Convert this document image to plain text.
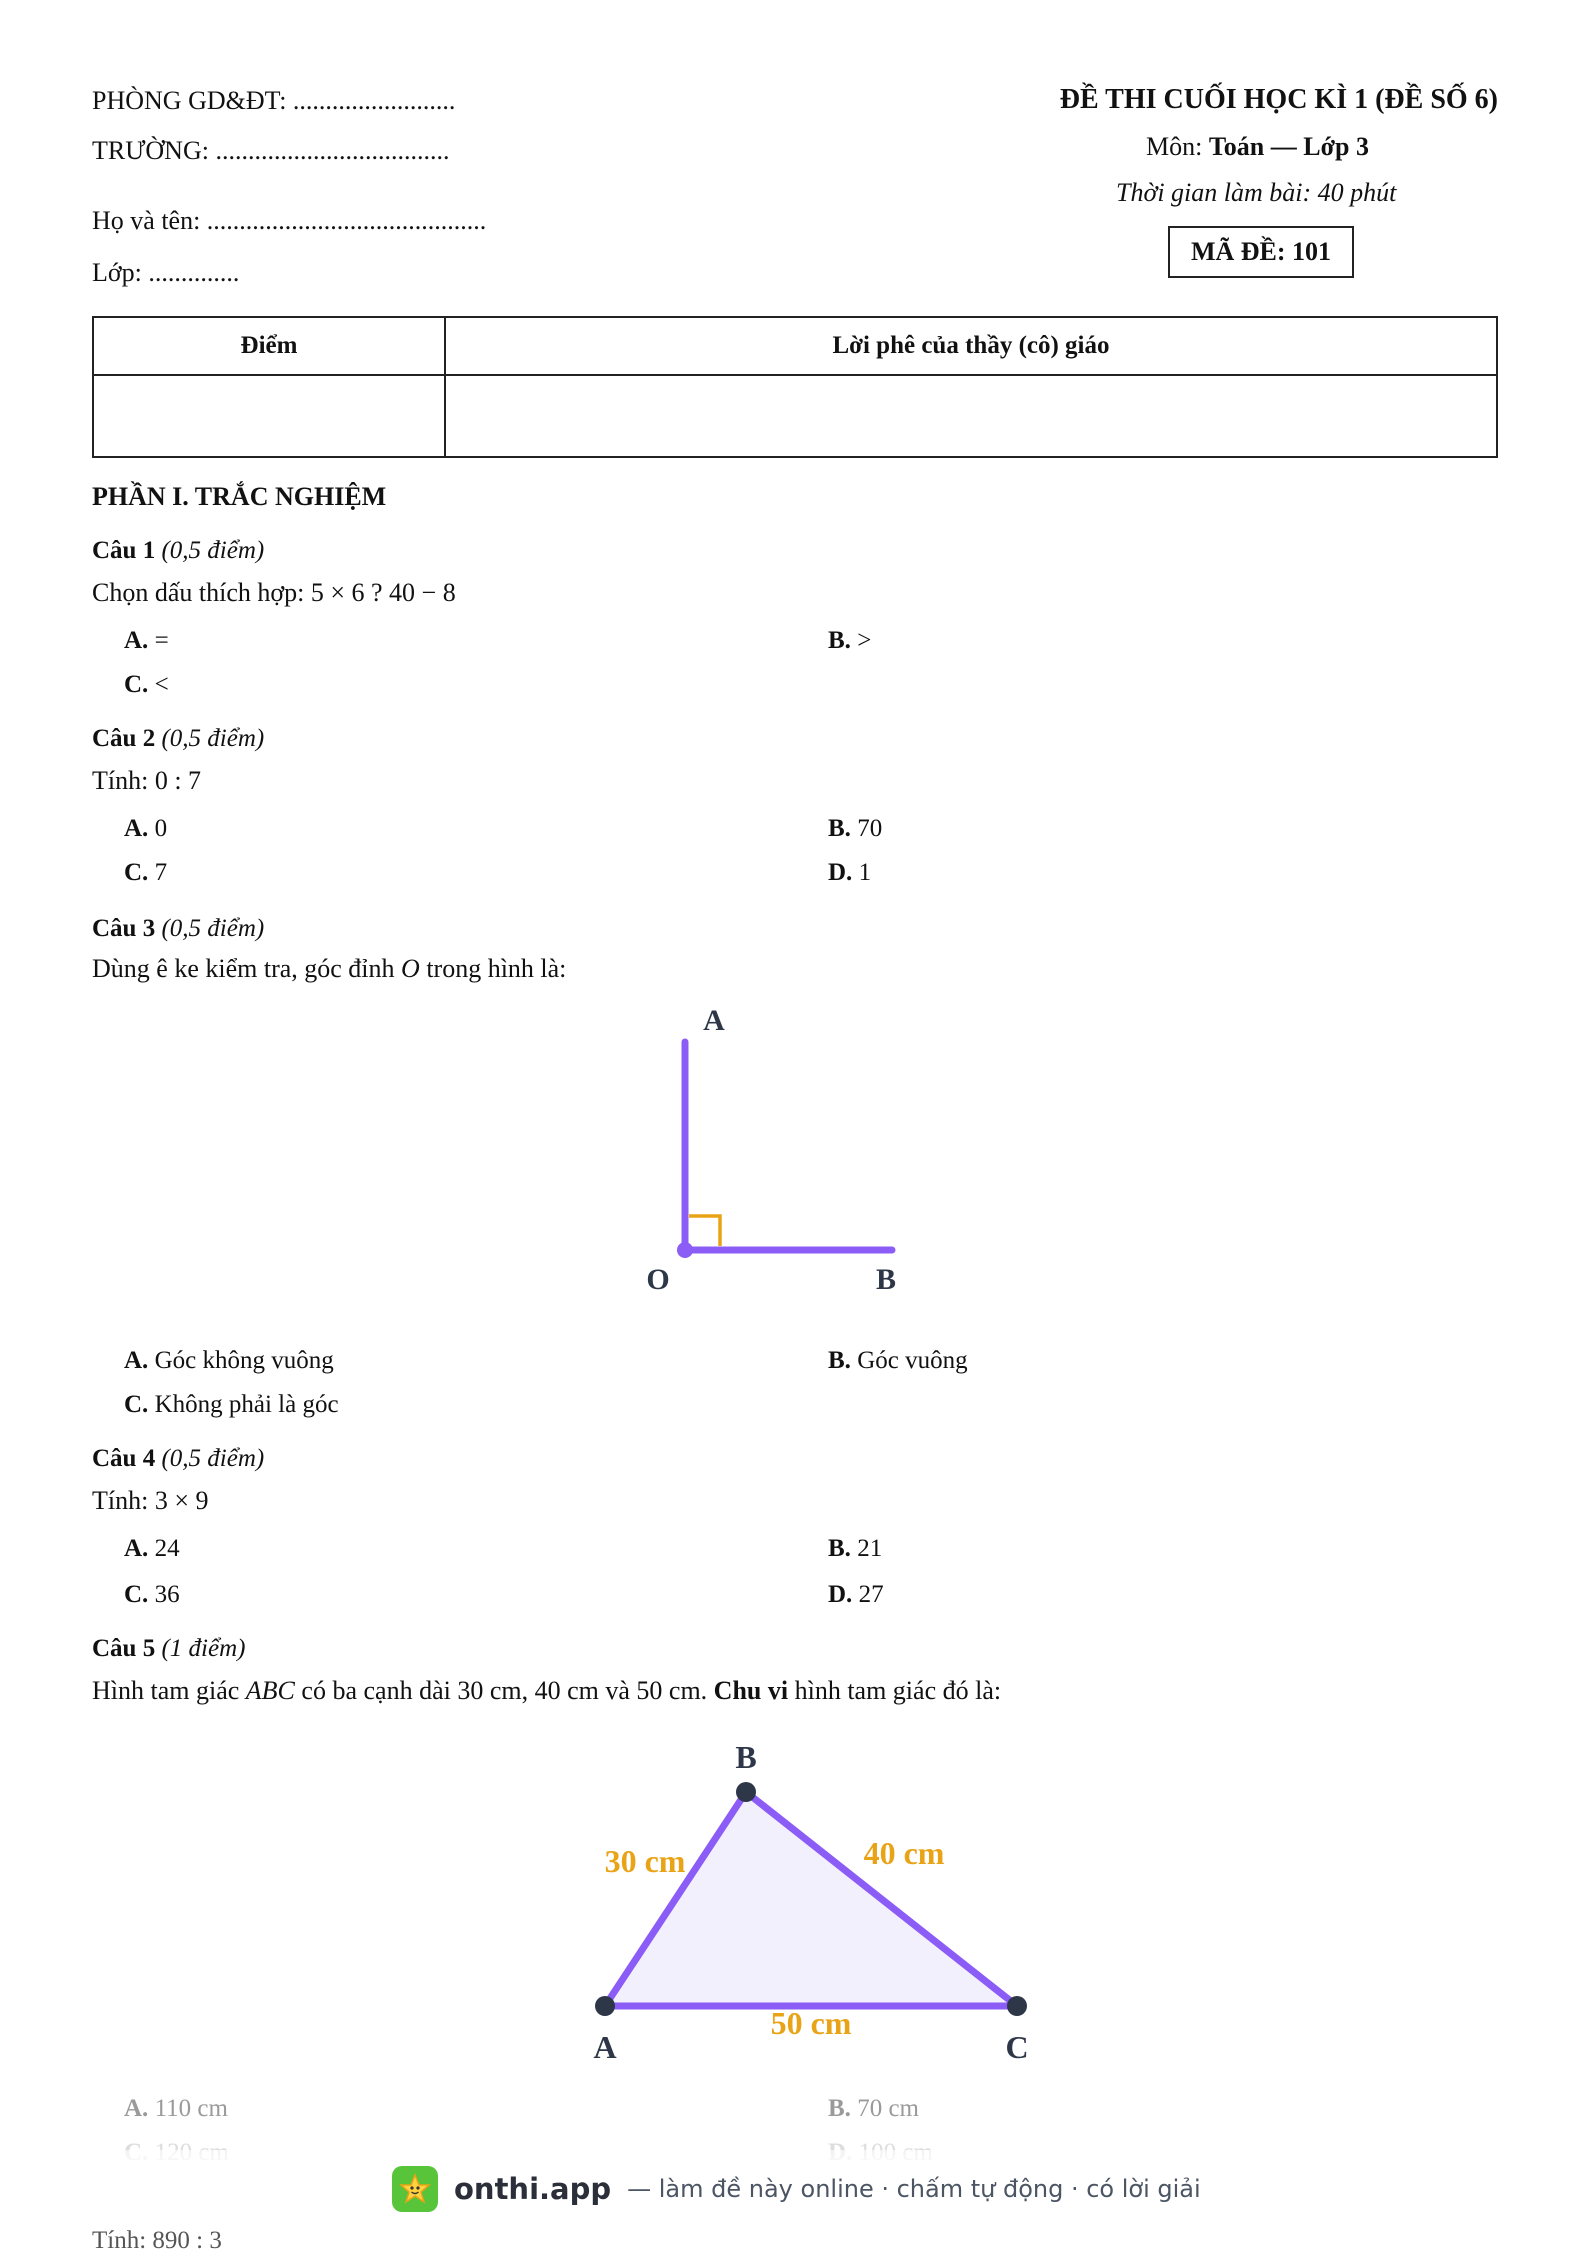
PHÒNG GD&ĐT: .........................
TRƯỜNG: ....................................
Họ và tên: ...........................................
Lớp: ..............
ĐỀ THI CUỐI HỌC KÌ 1 (ĐỀ SỐ 6)
Môn: Toán — Lớp 3
Thời gian làm bài: 40 phút
MÃ ĐỀ: 101
Điểm	Lời phê của thầy (cô) giáo

PHẦN I. TRẮC NGHIỆM
Câu 1 (0,5 điểm)
Chọn dấu thích hợp: 5 × 6 ? 40 − 8
A. =	B. >
C. <
Câu 2 (0,5 điểm)
Tính: 0 : 7
A. 0	B. 70
C. 7	D. 1
Câu 3 (0,5 điểm)
Dùng ê ke kiểm tra, góc đỉnh O trong hình là:
A
O	B
A. Góc không vuông	B. Góc vuông
C. Không phải là góc
Câu 4 (0,5 điểm)
Tính: 3 × 9
A. 24	B. 21
C. 36	D. 27
Câu 5 (1 điểm)
Hình tam giác ABC có ba cạnh dài 30 cm, 40 cm và 50 cm. Chu vi hình tam giác đó là:
B
A	C
30 cm	40 cm
50 cm
A. 110 cm	B. 70 cm
Tính: 890 : 3
onthi.app — làm đề này online · chấm tự động · có lời giải
